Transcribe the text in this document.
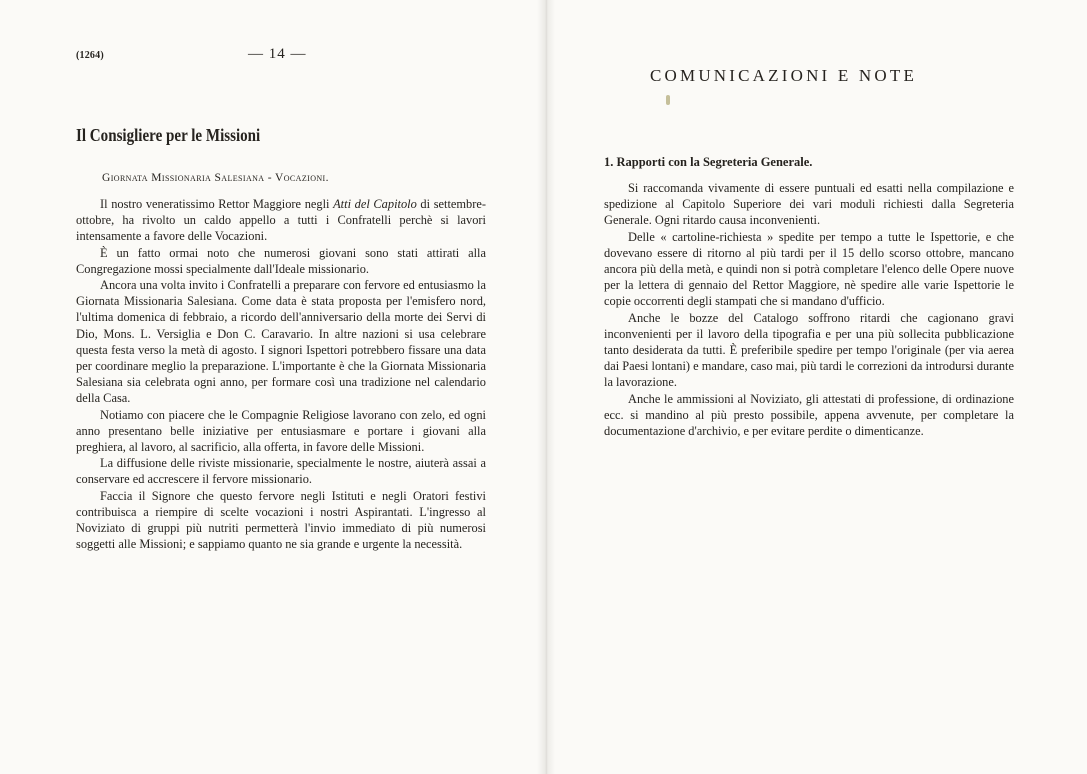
(1264)	— 14 —
Il Consigliere per le Missioni
Giornata Missionaria Salesiana - Vocazioni.

Il nostro veneratissimo Rettor Maggiore negli Atti del Capitolo di settembre-ottobre, ha rivolto un caldo appello a tutti i Confratelli perchè si lavori intensamente a favore delle Vocazioni.

È un fatto ormai noto che numerosi giovani sono stati attirati alla Congregazione mossi specialmente dall'Ideale missionario.

Ancora una volta invito i Confratelli a preparare con fervore ed entusiasmo la Giornata Missionaria Salesiana. Come data è stata proposta per l'emisfero nord, l'ultima domenica di febbraio, a ricordo dell'anniversario della morte dei Servi di Dio, Mons. L. Versiglia e Don C. Caravario. In altre nazioni si usa celebrare questa festa verso la metà di agosto. I signori Ispettori potrebbero fissare una data per coordinare meglio la preparazione. L'importante è che la Giornata Missionaria Salesiana sia celebrata ogni anno, per formare così una tradizione nel calendario della Casa.

Notiamo con piacere che le Compagnie Religiose lavorano con zelo, ed ogni anno presentano belle iniziative per entusiasmare e portare i giovani alla preghiera, al lavoro, al sacrificio, alla offerta, in favore delle Missioni.

La diffusione delle riviste missionarie, specialmente le nostre, aiuterà assai a conservare ed accrescere il fervore missionario.

Faccia il Signore che questo fervore negli Istituti e negli Oratori festivi contribuisca a riempire di scelte vocazioni i nostri Aspirantati. L'ingresso al Noviziato di gruppi più nutriti permetterà l'invio immediato di più numerosi soggetti alle Missioni; e sappiamo quanto ne sia grande e urgente la necessità.

COMUNICAZIONI E NOTE
1. Rapporti con la Segreteria Generale.

Si raccomanda vivamente di essere puntuali ed esatti nella compilazione e spedizione al Capitolo Superiore dei vari moduli richiesti dalla Segreteria Generale. Ogni ritardo causa inconvenienti.

Delle « cartoline-richiesta » spedite per tempo a tutte le Ispettorie, e che dovevano essere di ritorno al più tardi per il 15 dello scorso ottobre, mancano ancora più della metà, e quindi non si potrà completare l'elenco delle Opere nuove per la lettera di gennaio del Rettor Maggiore, nè spedire alle varie Ispettorie le copie occorrenti degli stampati che si mandano d'ufficio.

Anche le bozze del Catalogo soffrono ritardi che cagionano gravi inconvenienti per il lavoro della tipografia e per una più sollecita pubblicazione tanto desiderata da tutti. È preferibile spedire per tempo l'originale (per via aerea dai Paesi lontani) e mandare, caso mai, più tardi le correzioni da introdursi durante la lavorazione.

Anche le ammissioni al Noviziato, gli attestati di professione, di ordinazione ecc. si mandino al più presto possibile, appena avvenute, per completare la documentazione d'archivio, e per evitare perdite o dimenticanze.
